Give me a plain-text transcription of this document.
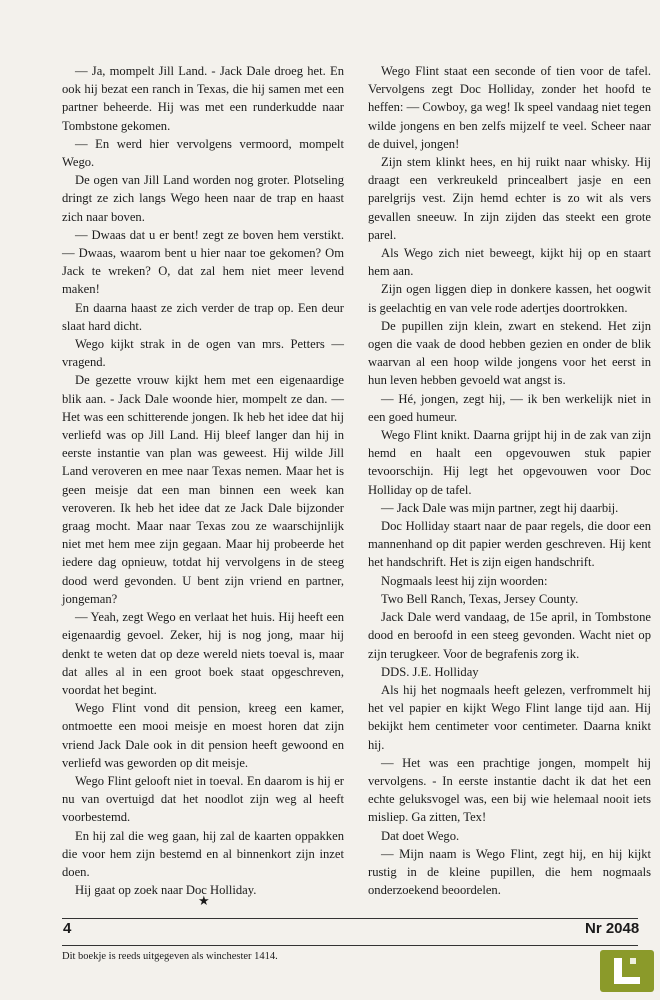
— Ja, mompelt Jill Land. - Jack Dale droeg het. En ook hij bezat een ranch in Texas, die hij samen met een partner beheerde. Hij was met een runderkudde naar Tombstone gekomen.

— En werd hier vervolgens vermoord, mompelt Wego.

De ogen van Jill Land worden nog groter. Plotseling dringt ze zich langs Wego heen naar de trap en haast zich naar boven.

— Dwaas dat u er bent! zegt ze boven hem verstikt. — Dwaas, waarom bent u hier naar toe gekomen? Om Jack te wreken? O, dat zal hem niet meer levend maken!

En daarna haast ze zich verder de trap op. Een deur slaat hard dicht.

Wego kijkt strak in de ogen van mrs. Petters — vragend.

De gezette vrouw kijkt hem met een eigenaardige blik aan. - Jack Dale woonde hier, mompelt ze dan. — Het was een schitterende jongen. Ik heb het idee dat hij verliefd was op Jill Land. Hij bleef langer dan hij in eerste instantie van plan was geweest. Hij wilde Jill Land veroveren en mee naar Texas nemen. Maar het is geen meisje dat een man binnen een week kan veroveren. Ik heb het idee dat ze Jack Dale bijzonder graag mocht. Maar naar Texas zou ze waarschijnlijk niet met hem mee zijn gegaan. Maar hij probeerde het iedere dag opnieuw, totdat hij vervolgens in de steeg dood werd gevonden. U bent zijn vriend en partner, jongeman?

— Yeah, zegt Wego en verlaat het huis. Hij heeft een eigenaardig gevoel. Zeker, hij is nog jong, maar hij denkt te weten dat op deze wereld niets toeval is, maar dat alles al in een groot boek staat opgeschreven, voordat het begint.

Wego Flint vond dit pension, kreeg een kamer, ontmoette een mooi meisje en moest horen dat zijn vriend Jack Dale ook in dit pension heeft gewoond en verliefd was geworden op dit meisje.

Wego Flint gelooft niet in toeval. En daarom is hij er nu van overtuigd dat het noodlot zijn weg al heeft voorbestemd.

En hij zal die weg gaan, hij zal de kaarten oppakken die voor hem zijn bestemd en al binnenkort zijn inzet doen.

Hij gaat op zoek naar Doc Holliday.

Wego Flint staat een seconde of tien voor de tafel. Vervolgens zegt Doc Holliday, zonder het hoofd te heffen: — Cowboy, ga weg! Ik speel vandaag niet tegen wilde jongens en ben zelfs mijzelf te veel. Scheer naar de duivel, jongen!

Zijn stem klinkt hees, en hij ruikt naar whisky. Hij draagt een verkreukeld princealbert jasje en een parelgrijs vest. Zijn hemd echter is zo wit als vers gevallen sneeuw. In zijn zijden das steekt een grote parel.

Als Wego zich niet beweegt, kijkt hij op en staart hem aan.

Zijn ogen liggen diep in donkere kassen, het oogwit is geelachtig en van vele rode adertjes doortrokken.

De pupillen zijn klein, zwart en stekend. Het zijn ogen die vaak de dood hebben gezien en onder de blik waarvan al een hoop wilde jongens voor het eerst in hun leven hebben gevoeld wat angst is.

— Hé, jongen, zegt hij, — ik ben werkelijk niet in een goed humeur.

Wego Flint knikt. Daarna grijpt hij in de zak van zijn hemd en haalt een opgevouwen stuk papier tevoorschijn. Hij legt het opgevouwen voor Doc Holliday op de tafel.

— Jack Dale was mijn partner, zegt hij daarbij.

Doc Holliday staart naar de paar regels, die door een mannenhand op dit papier werden geschreven. Hij kent het handschrift. Het is zijn eigen handschrift.

Nogmaals leest hij zijn woorden:

Two Bell Ranch, Texas, Jersey County.

Jack Dale werd vandaag, de 15e april, in Tombstone dood en beroofd in een steeg gevonden. Wacht niet op zijn terugkeer. Voor de begrafenis zorg ik.

DDS. J.E. Holliday

Als hij het nogmaals heeft gelezen, verfrommelt hij het vel papier en kijkt Wego Flint lange tijd aan. Hij bekijkt hem centimeter voor centimeter. Daarna knikt hij.

— Het was een prachtige jongen, mompelt hij vervolgens. - In eerste instantie dacht ik dat het een echte geluksvogel was, een bij wie helemaal nooit iets misliep. Ga zitten, Tex!

Dat doet Wego.

— Mijn naam is Wego Flint, zegt hij, en hij kijkt rustig in de kleine pupillen, die hem nogmaals onderzoekend beoordelen.

★
4	Nr 2048
Dit boekje is reeds uitgegeven als winchester 1414.
